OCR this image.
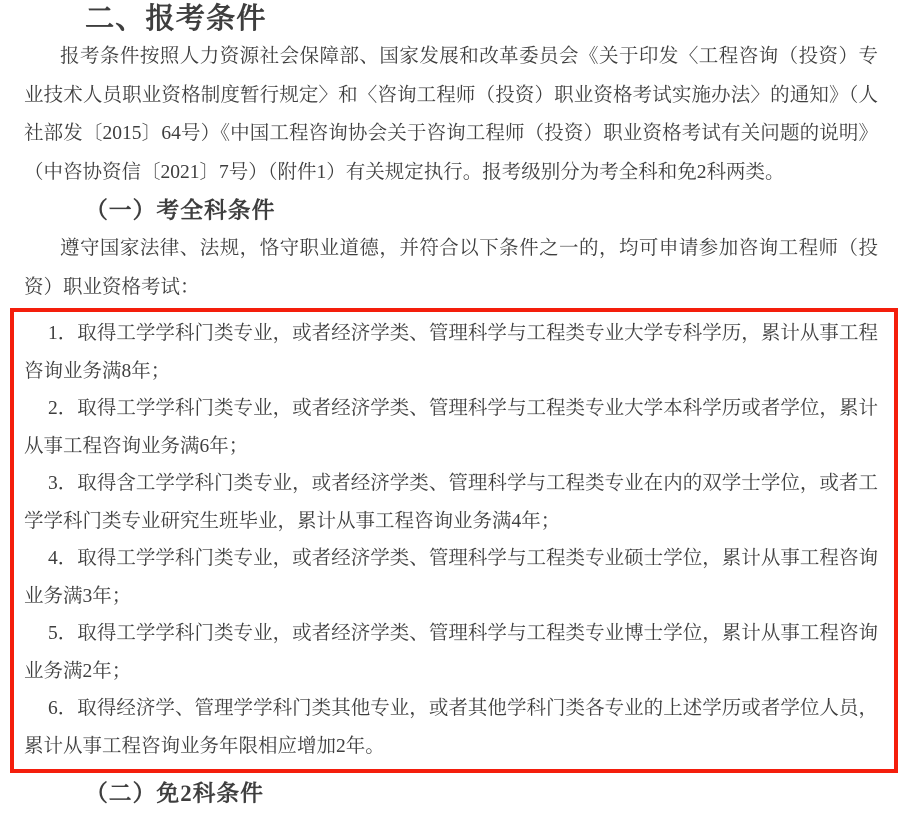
二、报考条件

报考条件按照人力资源社会保障部、国家发展和改革委员会《关于印发〈工程咨询（投资）专业技术人员职业资格制度暂行规定〉和〈咨询工程师（投资）职业资格考试实施办法〉的通知》（人社部发〔2015〕64号）《中国工程咨询协会关于咨询工程师（投资）职业资格考试有关问题的说明》（中咨协资信〔2021〕7号）（附件1）有关规定执行。报考级别分为考全科和免2科两类。

（一）考全科条件

遵守国家法律、法规，恪守职业道德，并符合以下条件之一的，均可申请参加咨询工程师（投资）职业资格考试：

1．取得工学学科门类专业，或者经济学类、管理科学与工程类专业大学专科学历，累计从事工程咨询业务满8年；

2．取得工学学科门类专业，或者经济学类、管理科学与工程类专业大学本科学历或者学位，累计从事工程咨询业务满6年；

3．取得含工学学科门类专业，或者经济学类、管理科学与工程类专业在内的双学士学位，或者工学学科门类专业研究生班毕业，累计从事工程咨询业务满4年；

4．取得工学学科门类专业，或者经济学类、管理科学与工程类专业硕士学位，累计从事工程咨询业务满3年；

5．取得工学学科门类专业，或者经济学类、管理科学与工程类专业博士学位，累计从事工程咨询业务满2年；

6．取得经济学、管理学学科门类其他专业，或者其他学科门类各专业的上述学历或者学位人员，累计从事工程咨询业务年限相应增加2年。

（二）免2科条件
